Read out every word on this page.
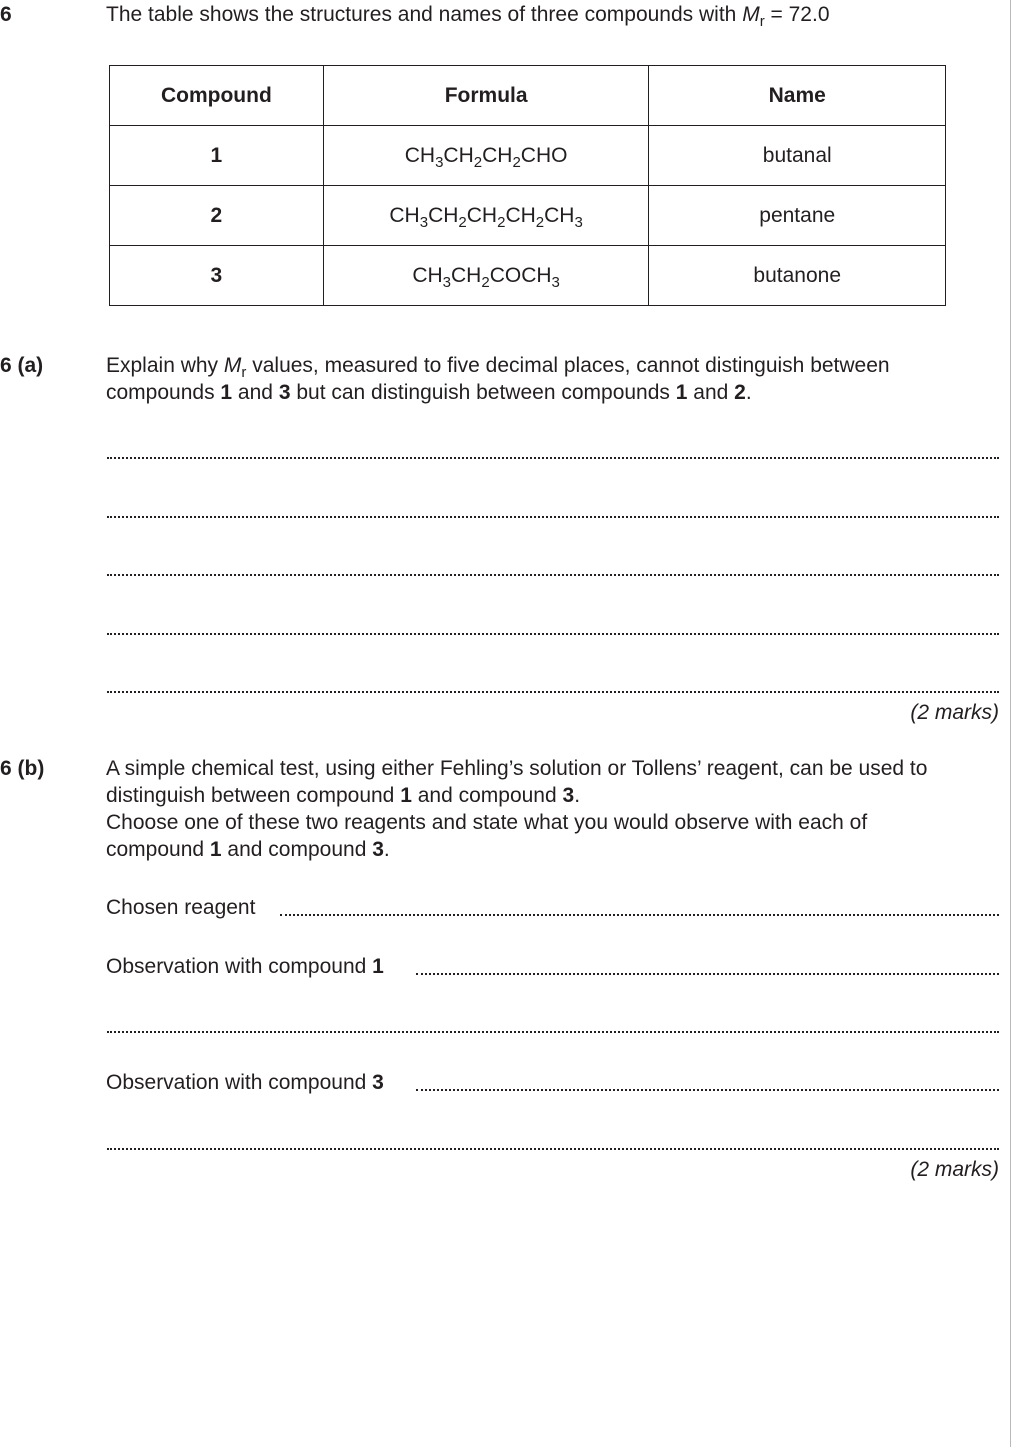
6	The table shows the structures and names of three compounds with $M_r = 72.0$
Compound	Formula	Name
1	$CH_3CH_2CH_2CHO$	butanal
2	$CH_3CH_2CH_2CH_2CH_3$	pentane
3	$CH_3CH_2COCH_3$	butanone
6 (a)	Explain why $M_r$ values, measured to five decimal places, cannot distinguish between
compounds 1 and 3 but can distinguish between compounds 1 and 2.
(2 marks)
6 (b)	A simple chemical test, using either Fehling’s solution or Tollens’ reagent, can be used to
distinguish between compound 1 and compound 3.
Choose one of these two reagents and state what you would observe with each of
compound 1 and compound 3.
Chosen reagent
Observation with compound 1
Observation with compound 3
(2 marks)
